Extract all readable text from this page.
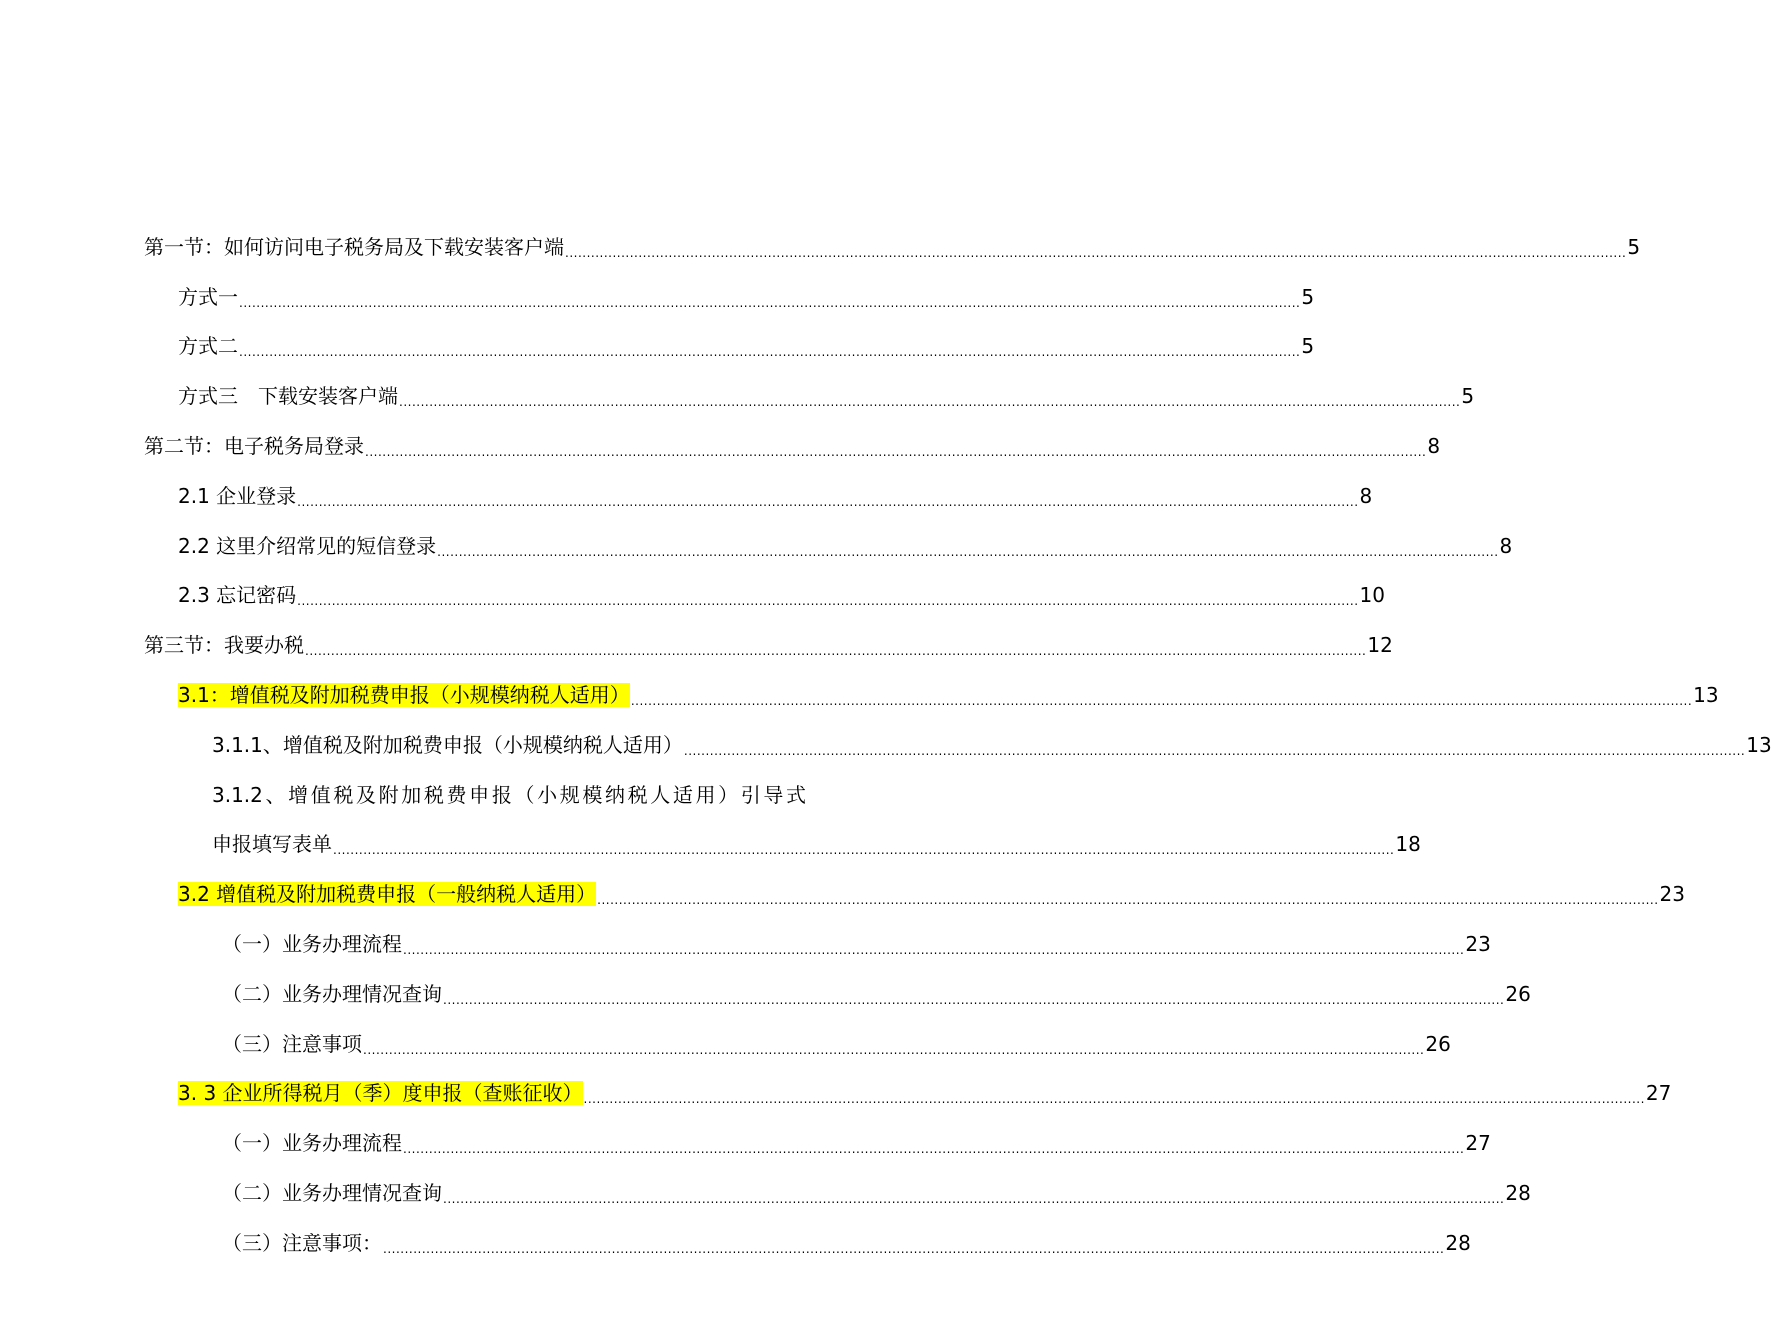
第一节：如何访问电子税务局及下载安装客户端 ...................................................................................................................................................................................................................................................... 5
方式一 ...................................................................................................................................................................................................................................................... 5
方式二 ...................................................................................................................................................................................................................................................... 5
方式三　下载安装客户端 ...................................................................................................................................................................................................................................................... 5
第二节：电子税务局登录 ...................................................................................................................................................................................................................................................... 8
2.1 企业登录 ...................................................................................................................................................................................................................................................... 8
2.2 这里介绍常见的短信登录 ...................................................................................................................................................................................................................................................... 8
2.3 忘记密码 ...................................................................................................................................................................................................................................................... 10
第三节：我要办税 ...................................................................................................................................................................................................................................................... 12
3.1：增值税及附加税费申报（小规模纳税人适用） ...................................................................................................................................................................................................................................................... 13
3.1.1、增值税及附加税费申报（小规模纳税人适用） ...................................................................................................................................................................................................................................................... 13
3.1.2、增值税及附加税费申报（小规模纳税人适用）引导式
申报填写表单 ...................................................................................................................................................................................................................................................... 18
3.2 增值税及附加税费申报（一般纳税人适用） ...................................................................................................................................................................................................................................................... 23
（一）业务办理流程 ...................................................................................................................................................................................................................................................... 23
（二）业务办理情况查询 ...................................................................................................................................................................................................................................................... 26
（三）注意事项 ...................................................................................................................................................................................................................................................... 26
3. 3 企业所得税月（季）度申报（查账征收） ...................................................................................................................................................................................................................................................... 27
（一）业务办理流程 ...................................................................................................................................................................................................................................................... 27
（二）业务办理情况查询 ...................................................................................................................................................................................................................................................... 28
（三）注意事项： ...................................................................................................................................................................................................................................................... 28
